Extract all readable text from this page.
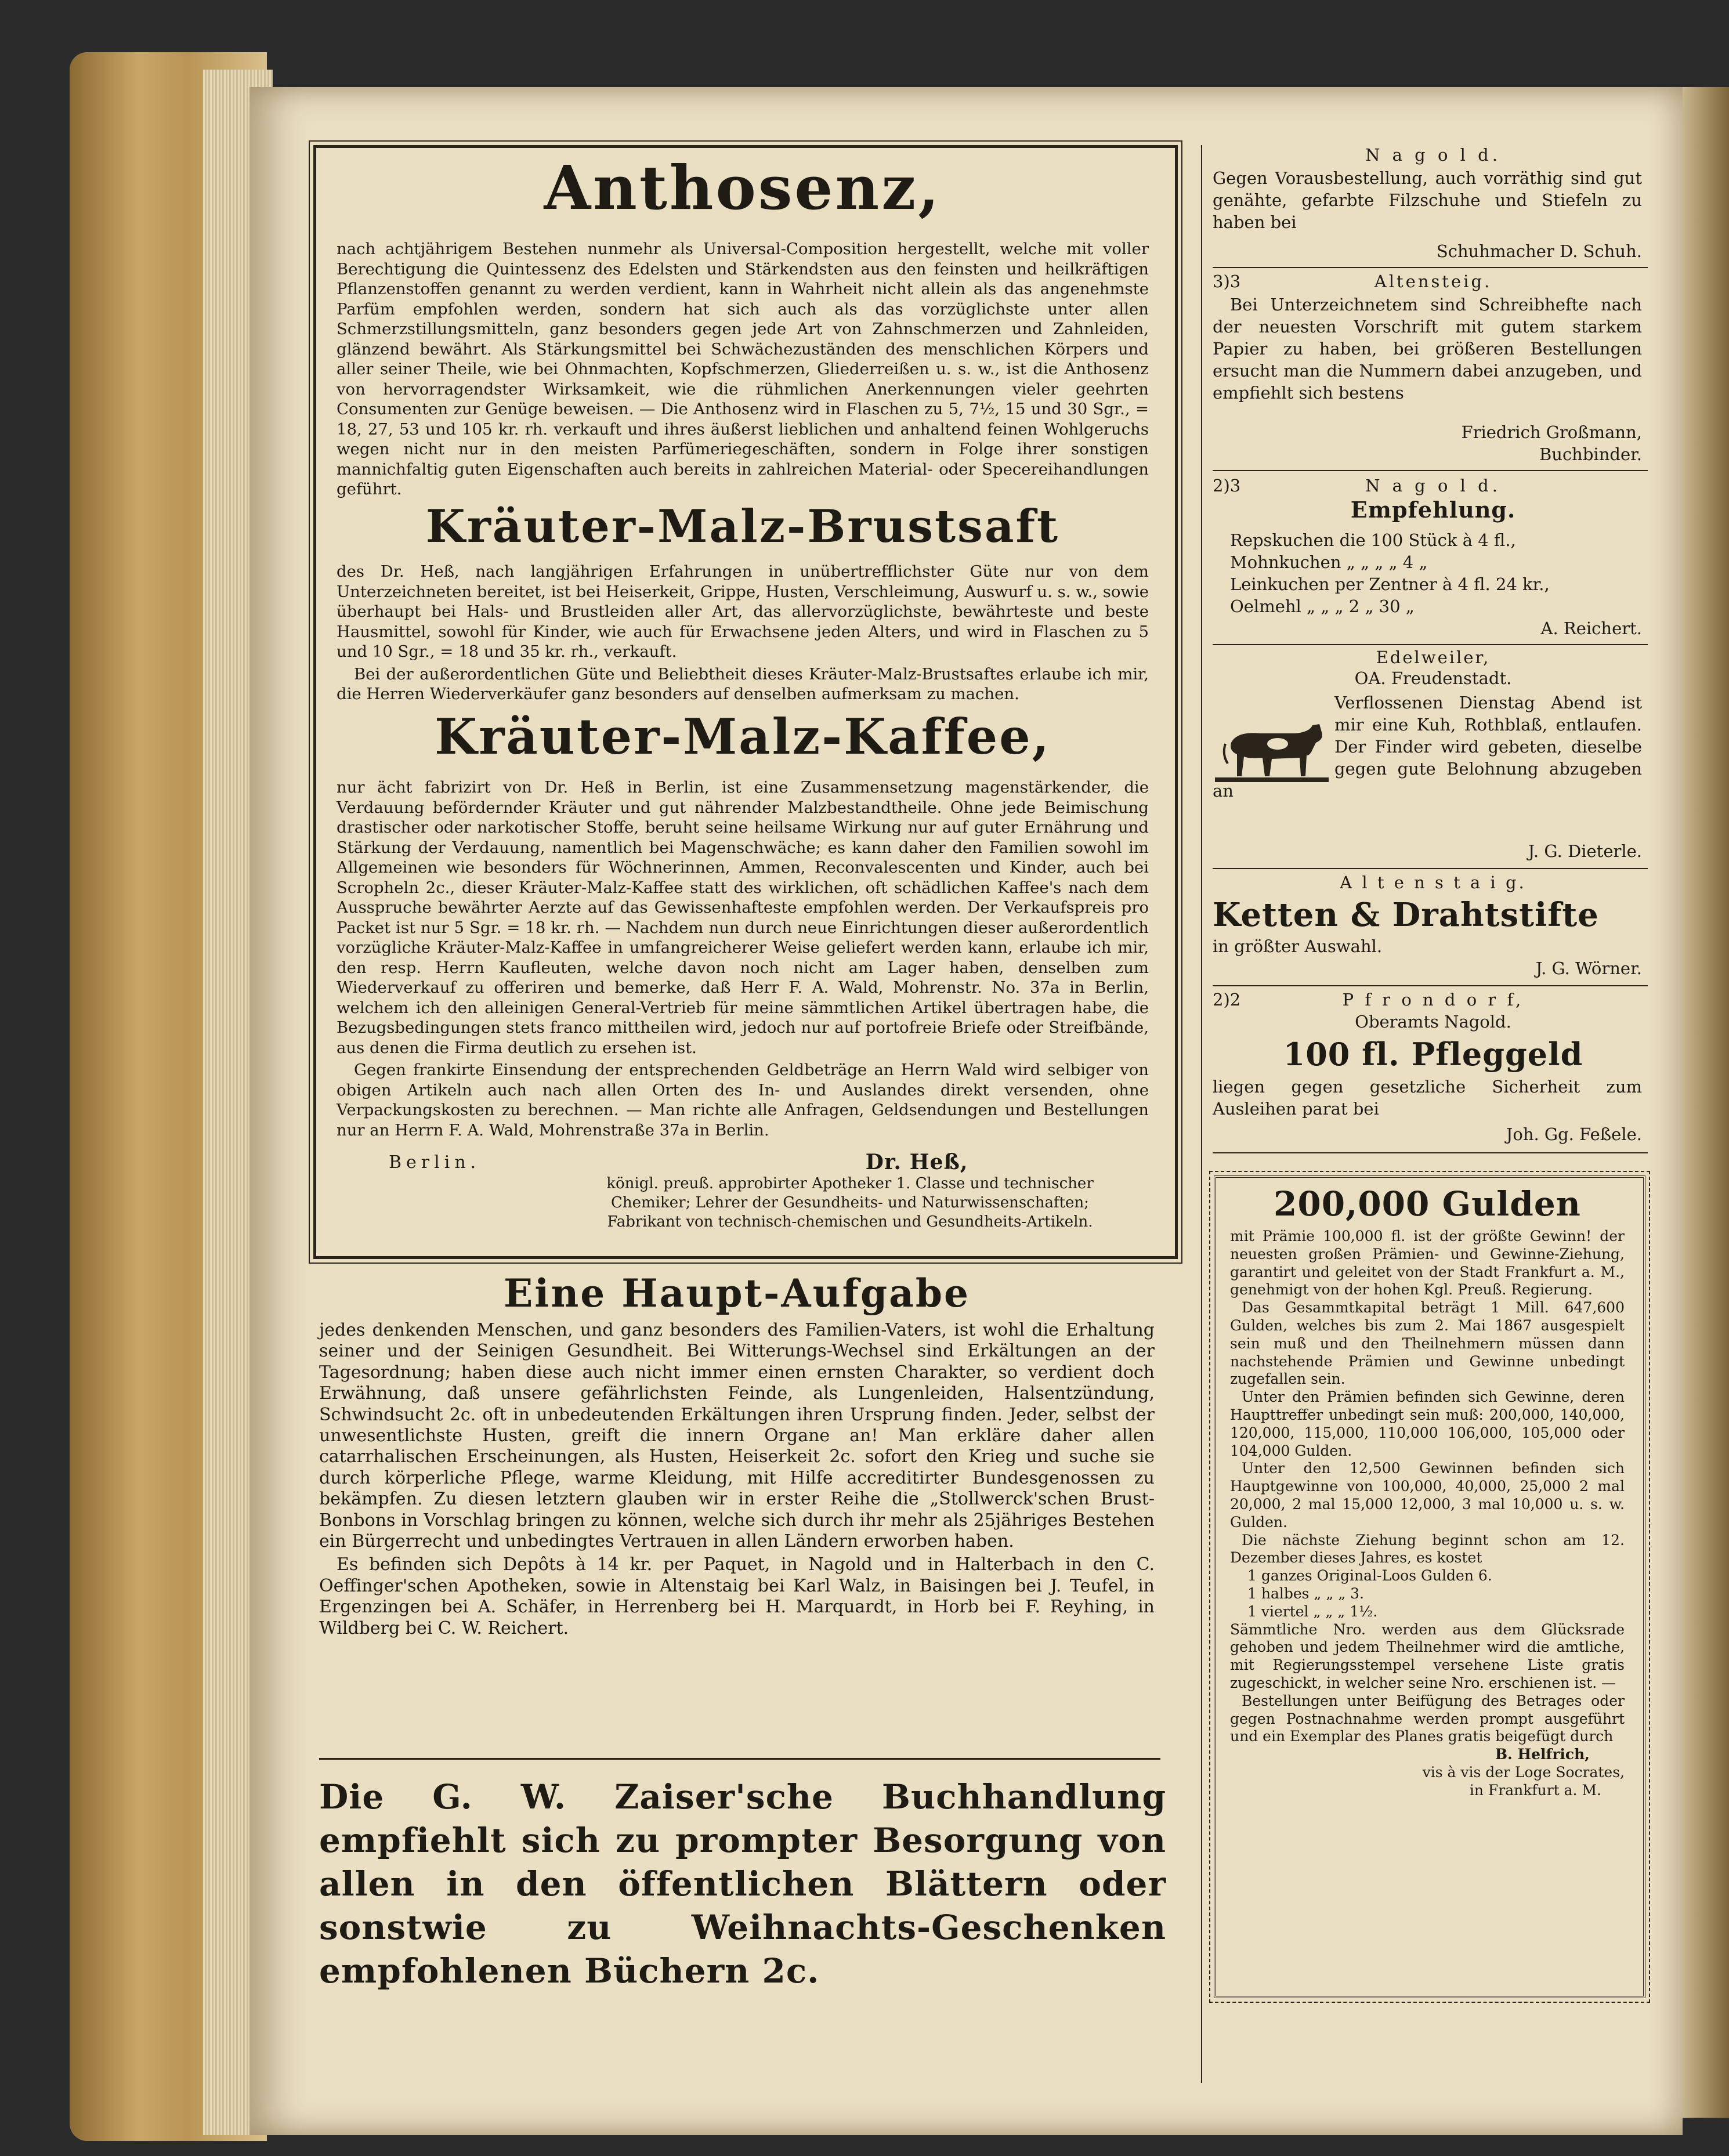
Anthosenz,

nach achtjährigem Bestehen nunmehr als Universal-Composition hergestellt, welche mit voller Berechtigung die Quintessenz des Edelsten und Stärkendsten aus den feinsten und heilkräftigen Pflanzenstoffen genannt zu werden verdient, kann in Wahrheit nicht allein als das angenehmste Parfüm empfohlen werden, sondern hat sich auch als das vorzüglichste unter allen Schmerzstillungsmitteln, ganz besonders gegen jede Art von Zahnschmerzen und Zahnleiden, glänzend bewährt. Als Stärkungsmittel bei Schwächezuständen des menschlichen Körpers und aller seiner Theile, wie bei Ohnmachten, Kopfschmerzen, Gliederreißen u. s. w., ist die Anthosenz von hervorragendster Wirksamkeit, wie die rühmlichen Anerkennungen vieler geehrten Consumenten zur Genüge beweisen. — Die Anthosenz wird in Flaschen zu 5, 7½, 15 und 30 Sgr., = 18, 27, 53 und 105 kr. rh. verkauft und ihres äußerst lieblichen und anhaltend feinen Wohlgeruchs wegen nicht nur in den meisten Parfümeriegeschäften, sondern in Folge ihrer sonstigen mannichfaltig guten Eigenschaften auch bereits in zahlreichen Material- oder Specereihandlungen geführt.

Kräuter-Malz-Brustsaft

des Dr. Heß, nach langjährigen Erfahrungen in unübertrefflichster Güte nur von dem Unterzeichneten bereitet, ist bei Heiserkeit, Grippe, Husten, Verschleimung, Auswurf u. s. w., sowie überhaupt bei Hals- und Brustleiden aller Art, das allervorzüglichste, bewährteste und beste Hausmittel, sowohl für Kinder, wie auch für Erwachsene jeden Alters, und wird in Flaschen zu 5 und 10 Sgr., = 18 und 35 kr. rh., verkauft.

Bei der außerordentlichen Güte und Beliebtheit dieses Kräuter-Malz-Brustsaftes erlaube ich mir, die Herren Wiederverkäufer ganz besonders auf denselben aufmerksam zu machen.

Kräuter-Malz-Kaffee,

nur ächt fabrizirt von Dr. Heß in Berlin, ist eine Zusammensetzung magenstärkender, die Verdauung befördernder Kräuter und gut nährender Malzbestandtheile. Ohne jede Beimischung drastischer oder narkotischer Stoffe, beruht seine heilsame Wirkung nur auf guter Ernährung und Stärkung der Verdauung, namentlich bei Magenschwäche; es kann daher den Familien sowohl im Allgemeinen wie besonders für Wöchnerinnen, Ammen, Reconvalescenten und Kinder, auch bei Scropheln 2c., dieser Kräuter-Malz-Kaffee statt des wirklichen, oft schädlichen Kaffee's nach dem Ausspruche bewährter Aerzte auf das Gewissenhafteste empfohlen werden. Der Verkaufspreis pro Packet ist nur 5 Sgr. = 18 kr. rh. — Nachdem nun durch neue Einrichtungen dieser außerordentlich vorzügliche Kräuter-Malz-Kaffee in umfangreicherer Weise geliefert werden kann, erlaube ich mir, den resp. Herrn Kaufleuten, welche davon noch nicht am Lager haben, denselben zum Wiederverkauf zu offeriren und bemerke, daß Herr F. A. Wald, Mohrenstr. No. 37a in Berlin, welchem ich den alleinigen General-Vertrieb für meine sämmtlichen Artikel übertragen habe, die Bezugsbedingungen stets franco mittheilen wird, jedoch nur auf portofreie Briefe oder Streifbände, aus denen die Firma deutlich zu ersehen ist.

Gegen frankirte Einsendung der entsprechenden Geldbeträge an Herrn Wald wird selbiger von obigen Artikeln auch nach allen Orten des In- und Auslandes direkt versenden, ohne Verpackungskosten zu berechnen. — Man richte alle Anfragen, Geldsendungen und Bestellungen nur an Herrn F. A. Wald, Mohrenstraße 37a in Berlin.

Berlin.	Dr. Heß,
königl. preuß. approbirter Apotheker 1. Classe und technischer Chemiker; Lehrer der Gesundheits- und Naturwissenschaften; Fabrikant von technisch-chemischen und Gesundheits-Artikeln.
Eine Haupt-Aufgabe

jedes denkenden Menschen, und ganz besonders des Familien-Vaters, ist wohl die Erhaltung seiner und der Seinigen Gesundheit. Bei Witterungs-Wechsel sind Erkältungen an der Tagesordnung; haben diese auch nicht immer einen ernsten Charakter, so verdient doch Erwähnung, daß unsere gefährlichsten Feinde, als Lungenleiden, Halsentzündung, Schwindsucht 2c. oft in unbedeutenden Erkältungen ihren Ursprung finden. Jeder, selbst der unwesentlichste Husten, greift die innern Organe an! Man erkläre daher allen catarrhalischen Erscheinungen, als Husten, Heiserkeit 2c. sofort den Krieg und suche sie durch körperliche Pflege, warme Kleidung, mit Hilfe accreditirter Bundesgenossen zu bekämpfen. Zu diesen letztern glauben wir in erster Reihe die „Stollwerck'schen Brust-Bonbons in Vorschlag bringen zu können, welche sich durch ihr mehr als 25jähriges Bestehen ein Bürgerrecht und unbedingtes Vertrauen in allen Ländern erworben haben.

Es befinden sich Depôts à 14 kr. per Paquet, in Nagold und in Halterbach in den C. Oeffinger'schen Apotheken, sowie in Altenstaig bei Karl Walz, in Baisingen bei J. Teufel, in Ergenzingen bei A. Schäfer, in Herrenberg bei H. Marquardt, in Horb bei F. Reyhing, in Wildberg bei C. W. Reichert.

Die G. W. Zaiser'sche Buchhandlung empfiehlt sich zu prompter Besorgung von allen in den öffentlichen Blättern oder sonstwie zu Weihnachts-Geschenken empfohlenen Büchern 2c.
N a g o l d.
Gegen Vorausbestellung, auch vorräthig sind gut genähte, gefarbte Filzschuhe und Stiefeln zu haben bei
Schuhmacher D. Schuh.
3)3	Altensteig.
Bei Unterzeichnetem sind Schreibhefte nach der neuesten Vorschrift mit gutem starkem Papier zu haben, bei größeren Bestellungen ersucht man die Nummern dabei anzugeben, und empfiehlt sich bestens
Friedrich Großmann,
Buchbinder.
2)3	N a g o l d.
Empfehlung.
Repskuchen die 100 Stück à 4 fl.,
Mohnkuchen „ „ „ „ 4 „
Leinkuchen per Zentner à 4 fl. 24 kr.,
Oelmehl „ „ „ 2 „ 30 „
A. Reichert.
Edelweiler,
OA. Freudenstadt.
Verflossenen Dienstag Abend ist mir eine Kuh, Rothblaß, entlaufen. Der Finder wird gebeten, dieselbe gegen gute Belohnung abzugeben an
J. G. Dieterle.
A l t e n s t a i g.
Ketten & Drahtstifte
in größter Auswahl.
J. G. Wörner.
2)2	P f r o n d o r f,
Oberamts Nagold.
100 fl. Pfleggeld
liegen gegen gesetzliche Sicherheit zum Ausleihen parat bei
Joh. Gg. Feßele.
200,000 Gulden
mit Prämie 100,000 fl. ist der größte Gewinn! der neuesten großen Prämien- und Gewinne-Ziehung, garantirt und geleitet von der Stadt Frankfurt a. M., genehmigt von der hohen Kgl. Preuß. Regierung.
Das Gesammtkapital beträgt 1 Mill. 647,600 Gulden, welches bis zum 2. Mai 1867 ausgespielt sein muß und den Theilnehmern müssen dann nachstehende Prämien und Gewinne unbedingt zugefallen sein.
Unter den Prämien befinden sich Gewinne, deren Haupttreffer unbedingt sein muß: 200,000, 140,000, 120,000, 115,000, 110,000 106,000, 105,000 oder 104,000 Gulden.
Unter den 12,500 Gewinnen befinden sich Hauptgewinne von 100,000, 40,000, 25,000 2 mal 20,000, 2 mal 15,000 12,000, 3 mal 10,000 u. s. w. Gulden.
Die nächste Ziehung beginnt schon am 12. Dezember dieses Jahres, es kostet
1 ganzes Original-Loos Gulden 6.
1 halbes „ „ „ 3.
1 viertel „ „ „ 1½.
Sämmtliche Nro. werden aus dem Glücksrade gehoben und jedem Theilnehmer wird die amtliche, mit Regierungsstempel versehene Liste gratis zugeschickt, in welcher seine Nro. erschienen ist. —
Bestellungen unter Beifügung des Betrages oder gegen Postnachnahme werden prompt ausgeführt und ein Exemplar des Planes gratis beigefügt durch
B. Helfrich,
vis à vis der Loge Socrates,
in Frankfurt a. M.
